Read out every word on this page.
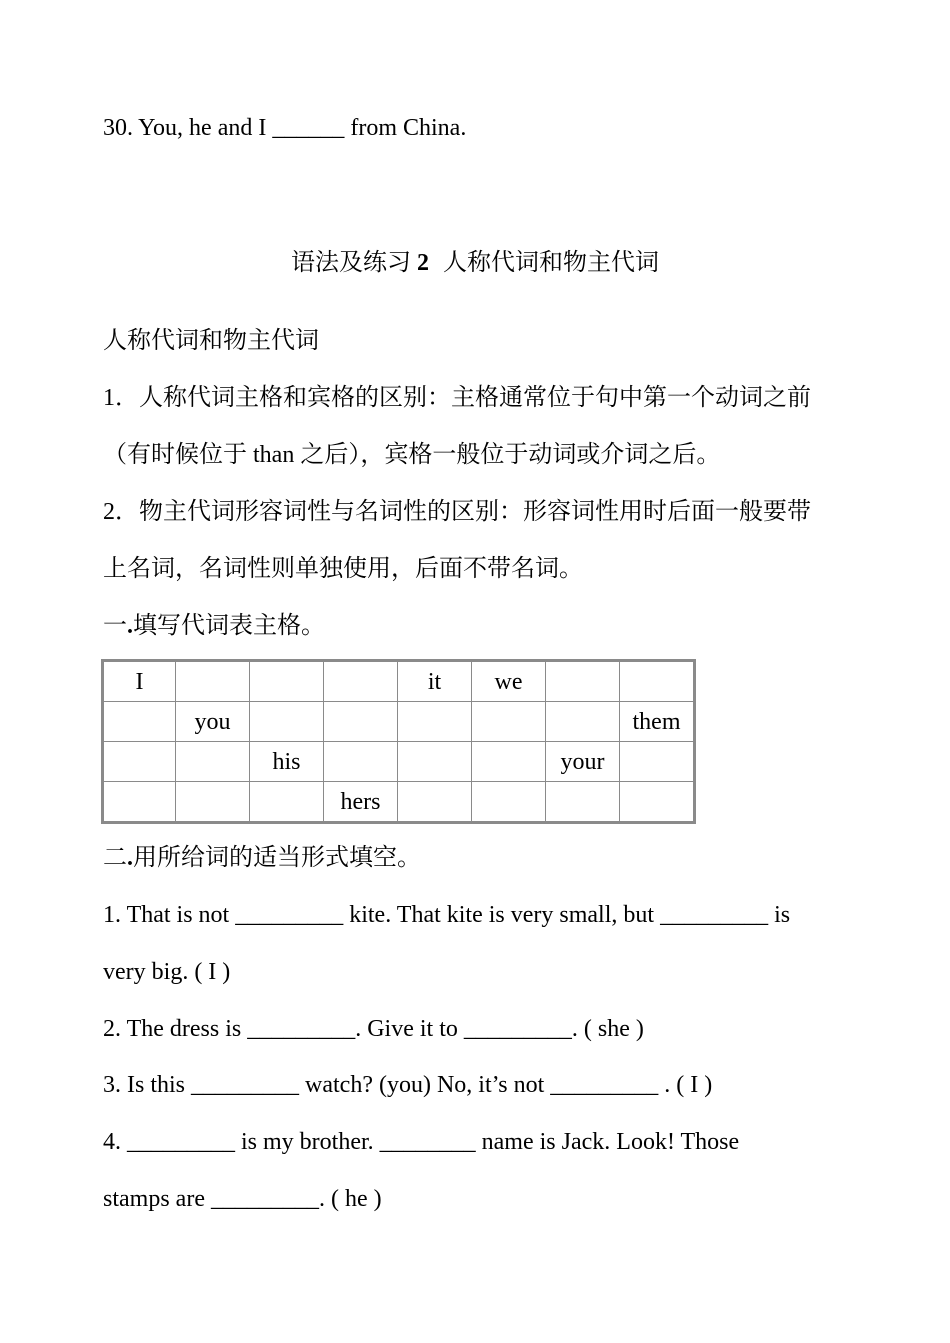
30. You, he and I ______ from China.
语法及练习 2 人称代词和物主代词
人称代词和物主代词
1．人称代词主格和宾格的区别：主格通常位于句中第一个动词之前
（有时候位于 than 之后），宾格一般位于动词或介词之后。
2．物主代词形容词性与名词性的区别：形容词性用时后面一般要带
上名词，名词性则单独使用，后面不带名词。
一.填写代词表主格。
I				it	we		
	you						them
		his				your	
			hers				
二.用所给词的适当形式填空。
1. That is not _________ kite. That kite is very small, but _________ is
very big. ( I )
2. The dress is _________. Give it to _________. ( she )
3. Is this _________ watch? (you) No, it’s not _________ . ( I )
4. _________ is my brother. ________ name is Jack. Look! Those
stamps are _________. ( he )
